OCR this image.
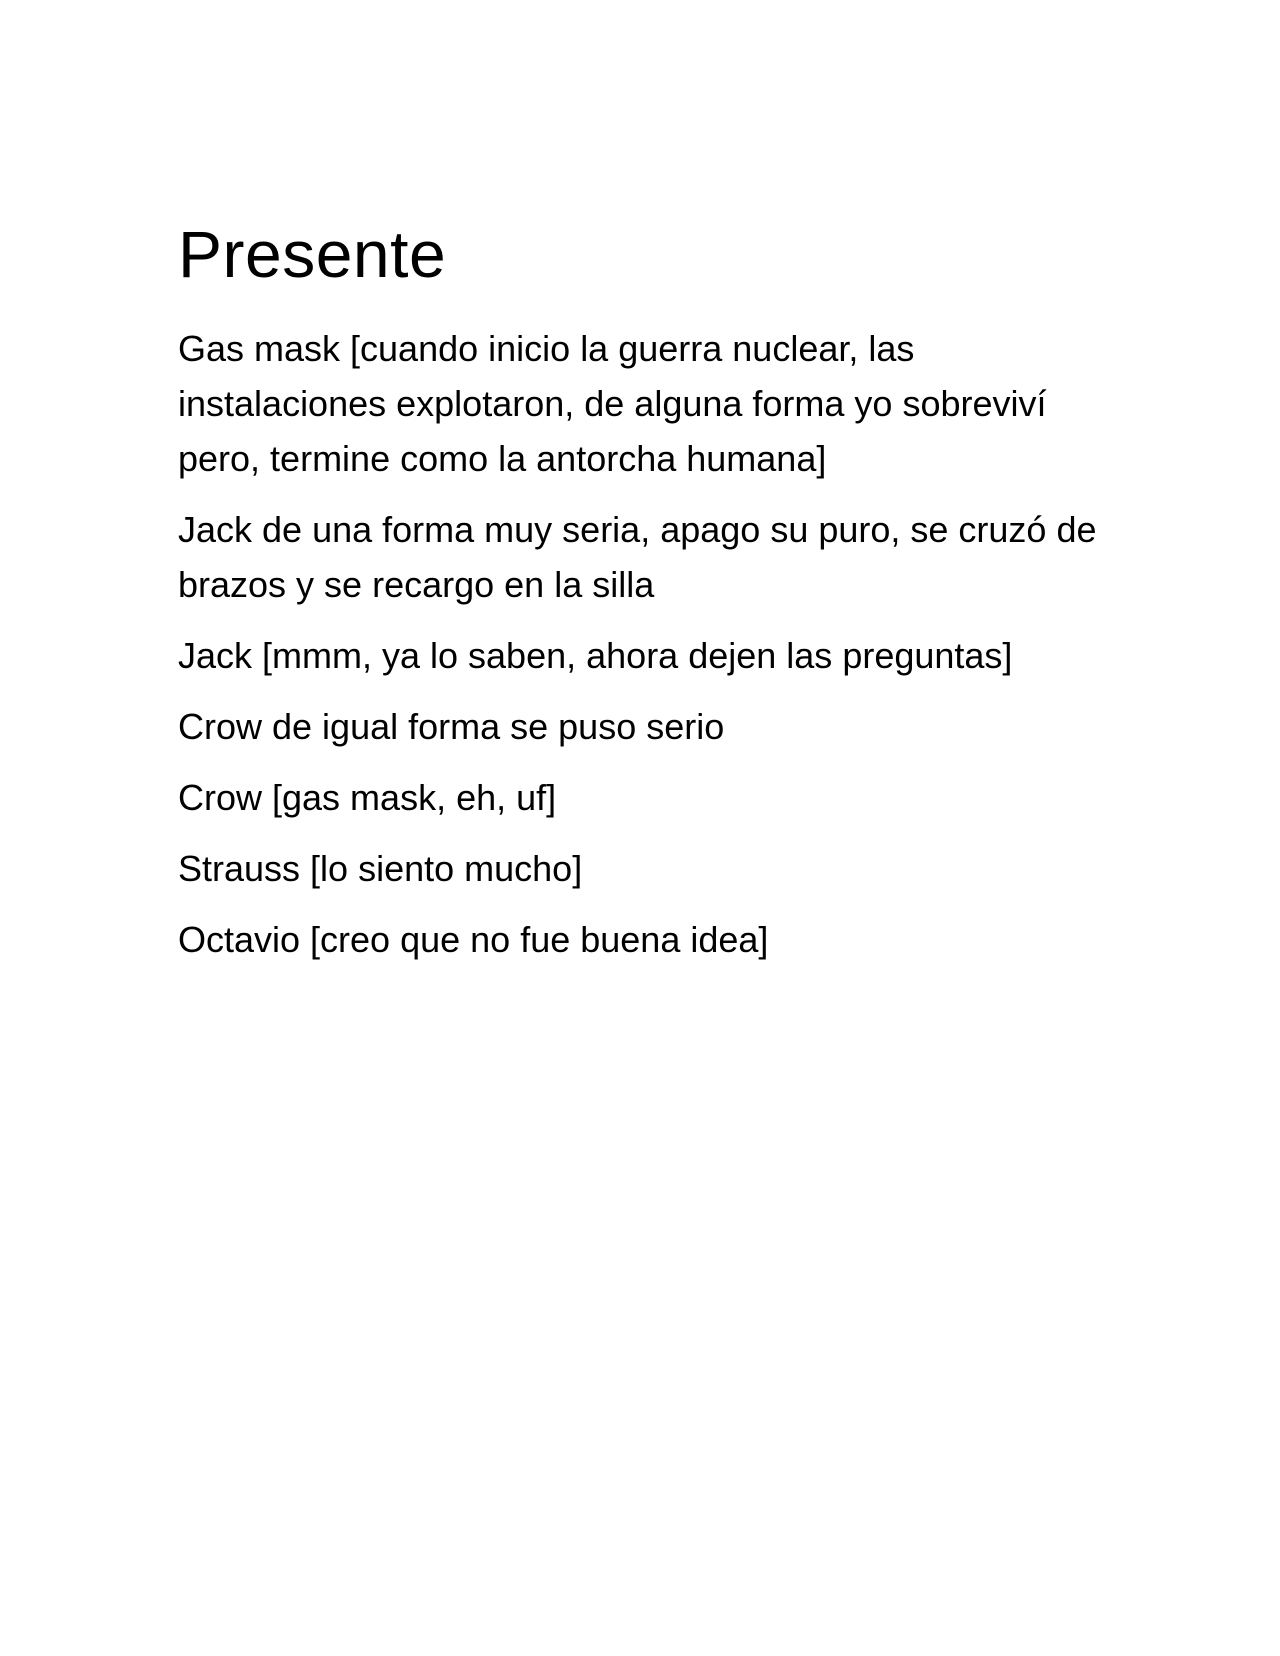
Presente

Gas mask [cuando inicio la guerra nuclear, las instalaciones explotaron, de alguna forma yo sobreviví pero, termine como la antorcha humana]

Jack de una forma muy seria, apago su puro, se cruzó de brazos y se recargo en la silla

Jack [mmm, ya lo saben, ahora dejen las preguntas]

Crow de igual forma se puso serio

Crow [gas mask, eh, uf]

Strauss [lo siento mucho]

Octavio [creo que no fue buena idea]
